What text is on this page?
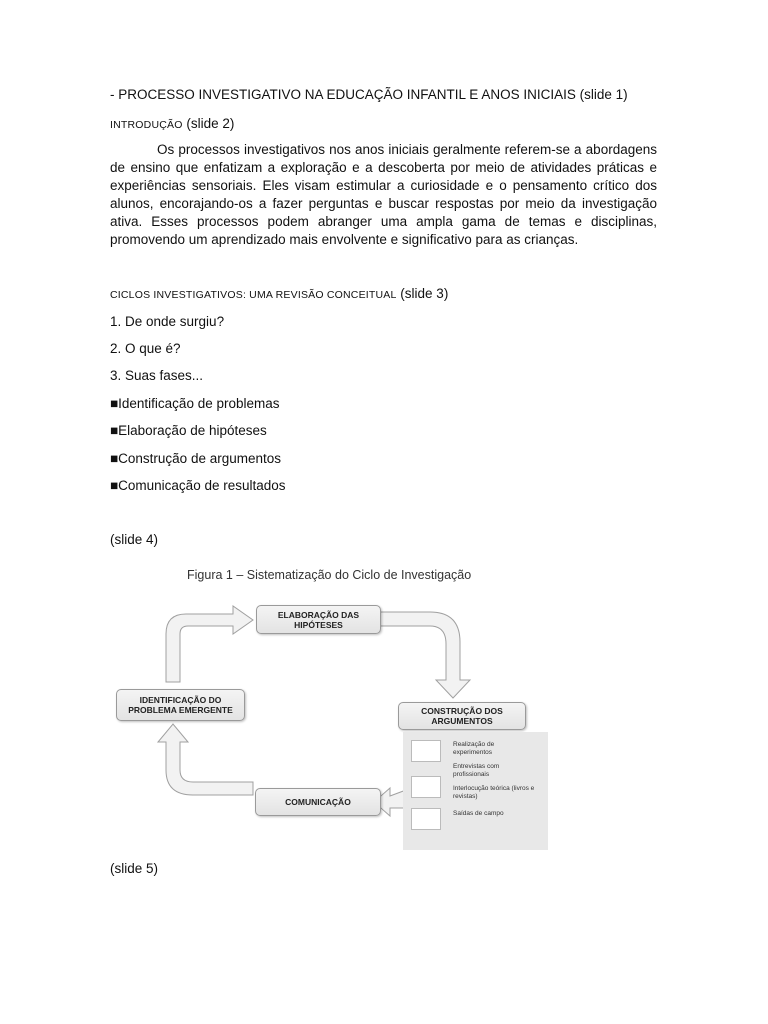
- PROCESSO INVESTIGATIVO NA EDUCAÇÃO INFANTIL E ANOS INICIAIS (slide 1)
INTRODUÇÃO (slide 2)
Os processos investigativos nos anos iniciais geralmente referem-se a abordagens de ensino que enfatizam a exploração e a descoberta por meio de atividades práticas e experiências sensoriais. Eles visam estimular a curiosidade e o pensamento crítico dos alunos, encorajando-os a fazer perguntas e buscar respostas por meio da investigação ativa. Esses processos podem abranger uma ampla gama de temas e disciplinas, promovendo um aprendizado mais envolvente e significativo para as crianças.
CICLOS INVESTIGATIVOS: UMA REVISÃO CONCEITUAL (slide 3)
1. De onde surgiu?
2. O que é?
3. Suas fases...
■Identificação de problemas
■Elaboração de hipóteses
■Construção de argumentos
■Comunicação de resultados
(slide 4)
Figura 1 – Sistematização do Ciclo de Investigação
ELABORAÇÃO DAS HIPÓTESES
IDENTIFICAÇÃO DO PROBLEMA EMERGENTE	CONSTRUÇÃO DOS ARGUMENTOS
COMUNICAÇÃO
Realização de experimentos
Entrevistas com profissionais
Interlocução teórica (livros e revistas)
Saídas de campo
(slide 5)
